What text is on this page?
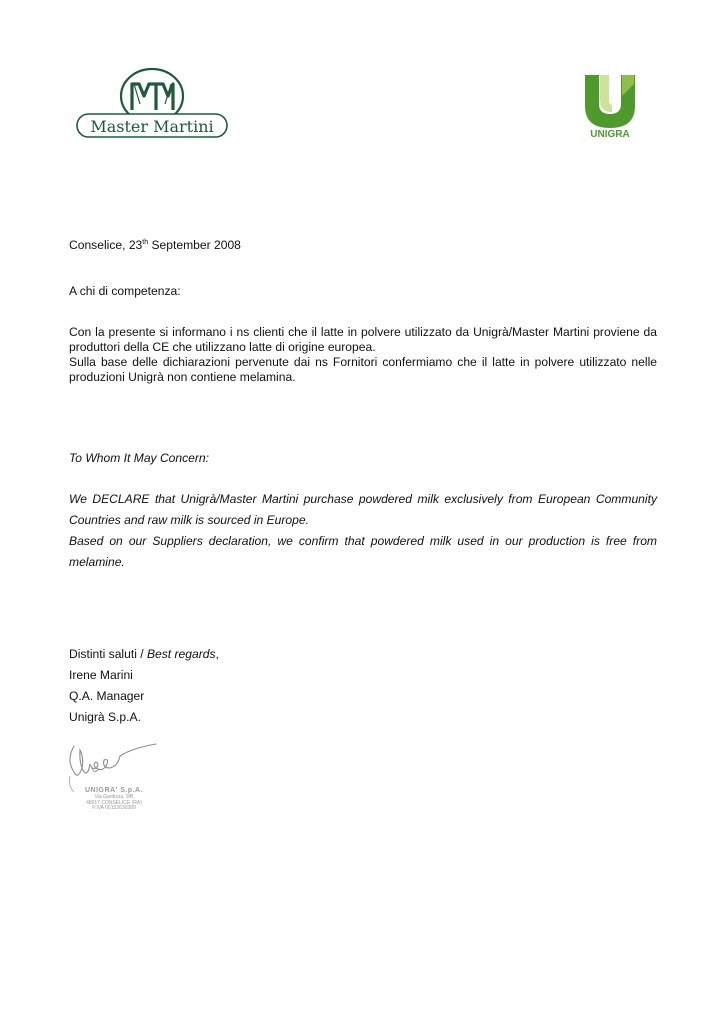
Master Martini	UNIGRA
Conselice, 23th September 2008
A chi di competenza:
Con la presente si informano i ns clienti che il latte in polvere utilizzato da Unigrà/Master Martini proviene da
produttori della CE che utilizzano latte di origine europea.
Sulla base delle dichiarazioni pervenute dai ns Fornitori confermiamo che il latte in polvere utilizzato nelle
produzioni Unigrà non contiene melamina.
To Whom It May Concern:
We DECLARE that Unigrà/Master Martini purchase powdered milk exclusively from European Community
Countries and raw milk is sourced in Europe.
Based on our Suppliers declaration, we confirm that powdered milk used in our production is free from
melamine.
Distinti saluti / Best regards,
Irene Marini
Q.A. Manager
Unigrà S.p.A.
UNIGRA' S.p.A.
Via Gardizza, 9/B
48017 CONSELICE (RA)
P.IVA 00152630389
